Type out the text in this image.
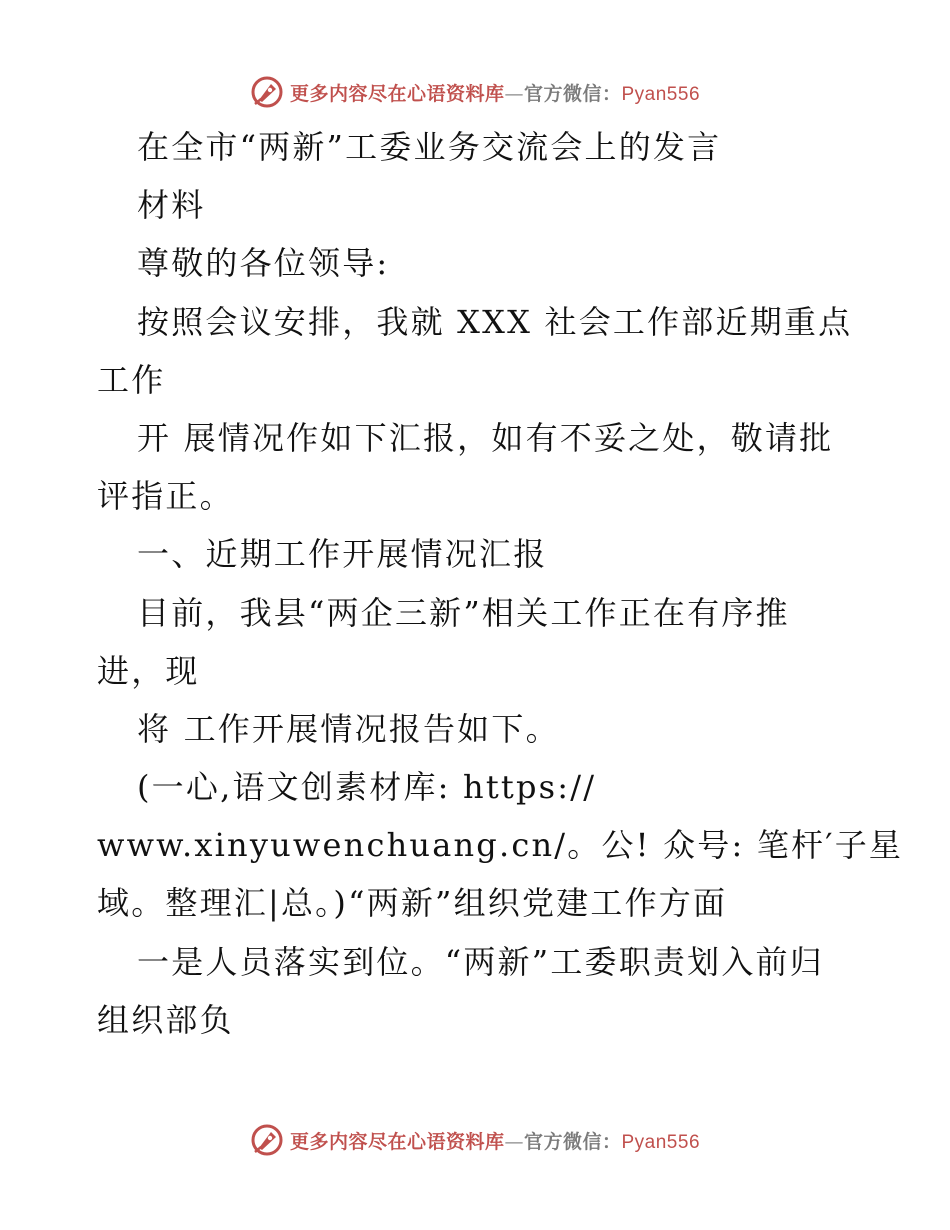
更多内容尽在心语资料库—官方微信：Pyan556
在全市“两新”工委业务交流会上的发言
材料
尊敬的各位领导:
按照会议安排，我就 XXX 社会工作部近期重点
工作
开 展情况作如下汇报，如有不妥之处，敬请批
评指正。
一、近期工作开展情况汇报
目前，我县“两企三新”相关工作正在有序推
进，现
将 工作开展情况报告如下。
(一心,语文创素材库: https://
www.xinyuwenchuang.cn/。公! 众号: 笔杆′子星
域。整理汇|总。)“两新”组织党建工作方面
一是人员落实到位。“两新”工委职责划入前归
组织部负
更多内容尽在心语资料库—官方微信：Pyan556
